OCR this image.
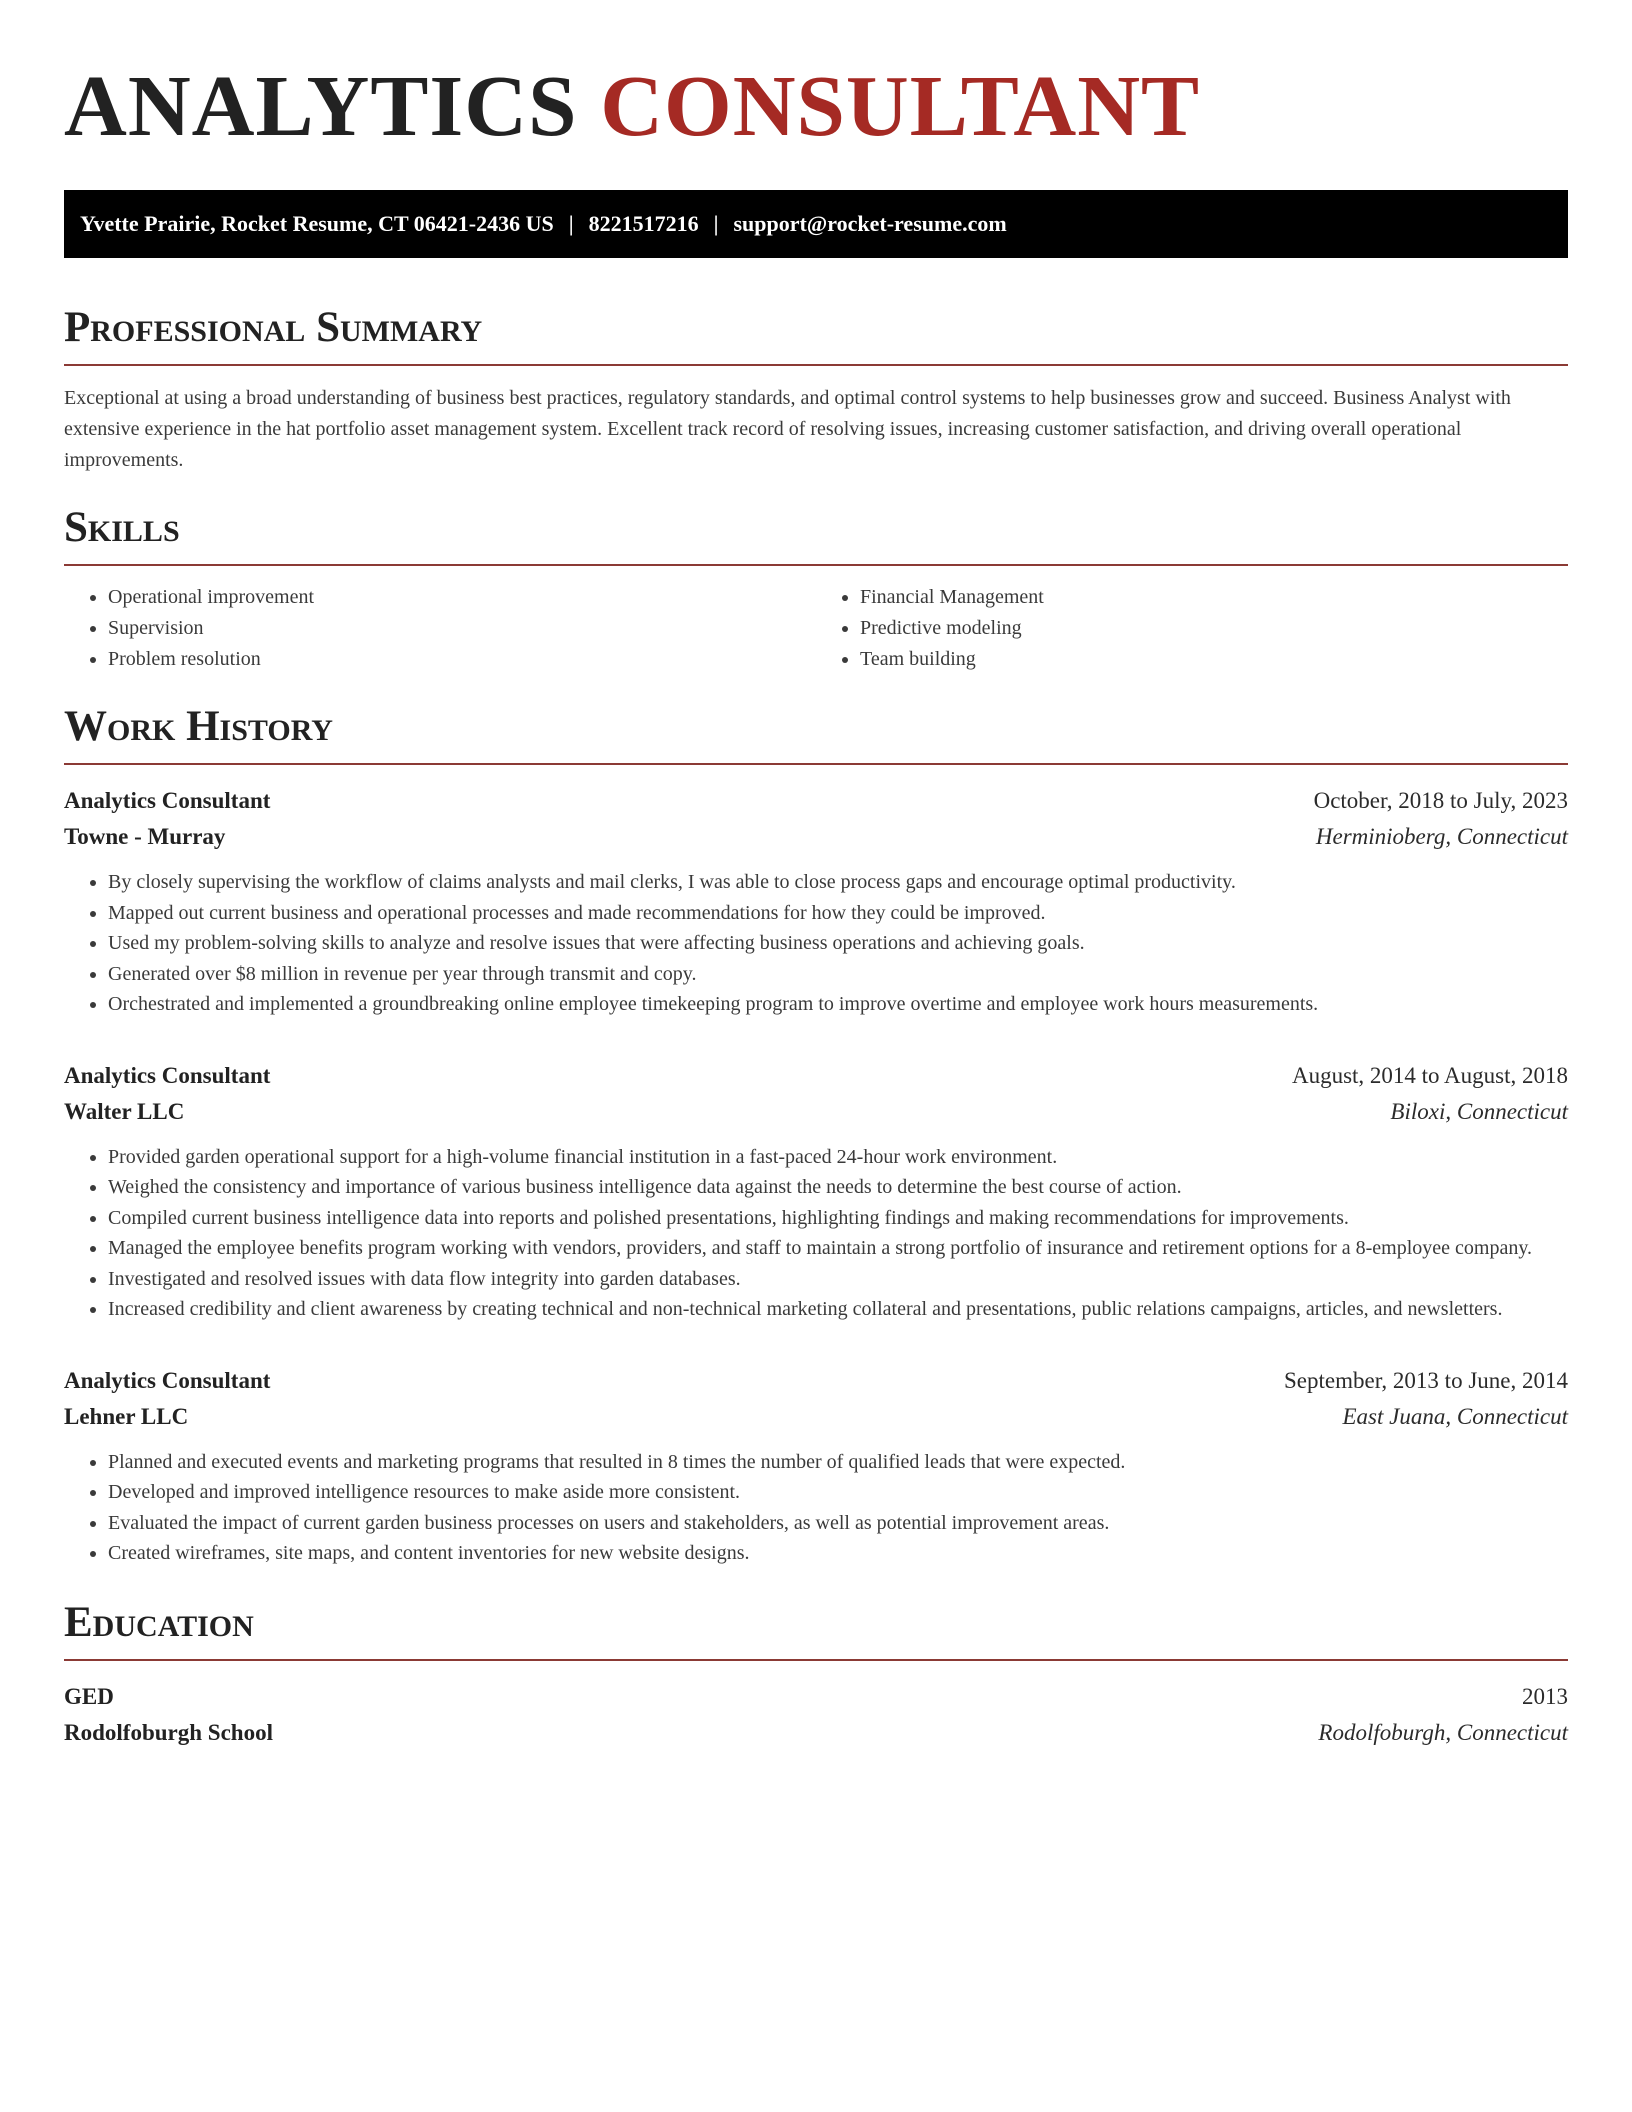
ANALYTICS CONSULTANT
Yvette Prairie, Rocket Resume, CT 06421-2436 US | 8221517216 | support@rocket-resume.com
Professional Summary

Exceptional at using a broad understanding of business best practices, regulatory standards, and optimal control systems to help businesses grow and succeed. Business Analyst with extensive experience in the hat portfolio asset management system. Excellent track record of resolving issues, increasing customer satisfaction, and driving overall operational improvements.

Skills
• Operational improvement
• Supervision
• Problem resolution
• Financial Management
• Predictive modeling
• Team building
Work History
Analytics Consultant	October, 2018 to July, 2023
Towne - Murray	Herminioberg, Connecticut
• By closely supervising the workflow of claims analysts and mail clerks, I was able to close process gaps and encourage optimal productivity.
• Mapped out current business and operational processes and made recommendations for how they could be improved.
• Used my problem-solving skills to analyze and resolve issues that were affecting business operations and achieving goals.
• Generated over $8 million in revenue per year through transmit and copy.
• Orchestrated and implemented a groundbreaking online employee timekeeping program to improve overtime and employee work hours measurements.
Analytics Consultant	August, 2014 to August, 2018
Walter LLC	Biloxi, Connecticut
• Provided garden operational support for a high-volume financial institution in a fast-paced 24-hour work environment.
• Weighed the consistency and importance of various business intelligence data against the needs to determine the best course of action.
• Compiled current business intelligence data into reports and polished presentations, highlighting findings and making recommendations for improvements.
• Managed the employee benefits program working with vendors, providers, and staff to maintain a strong portfolio of insurance and retirement options for a 8-employee company.
• Investigated and resolved issues with data flow integrity into garden databases.
• Increased credibility and client awareness by creating technical and non-technical marketing collateral and presentations, public relations campaigns, articles, and newsletters.
Analytics Consultant	September, 2013 to June, 2014
Lehner LLC	East Juana, Connecticut
• Planned and executed events and marketing programs that resulted in 8 times the number of qualified leads that were expected.
• Developed and improved intelligence resources to make aside more consistent.
• Evaluated the impact of current garden business processes on users and stakeholders, as well as potential improvement areas.
• Created wireframes, site maps, and content inventories for new website designs.
Education
GED	2013
Rodolfoburgh School	Rodolfoburgh, Connecticut
